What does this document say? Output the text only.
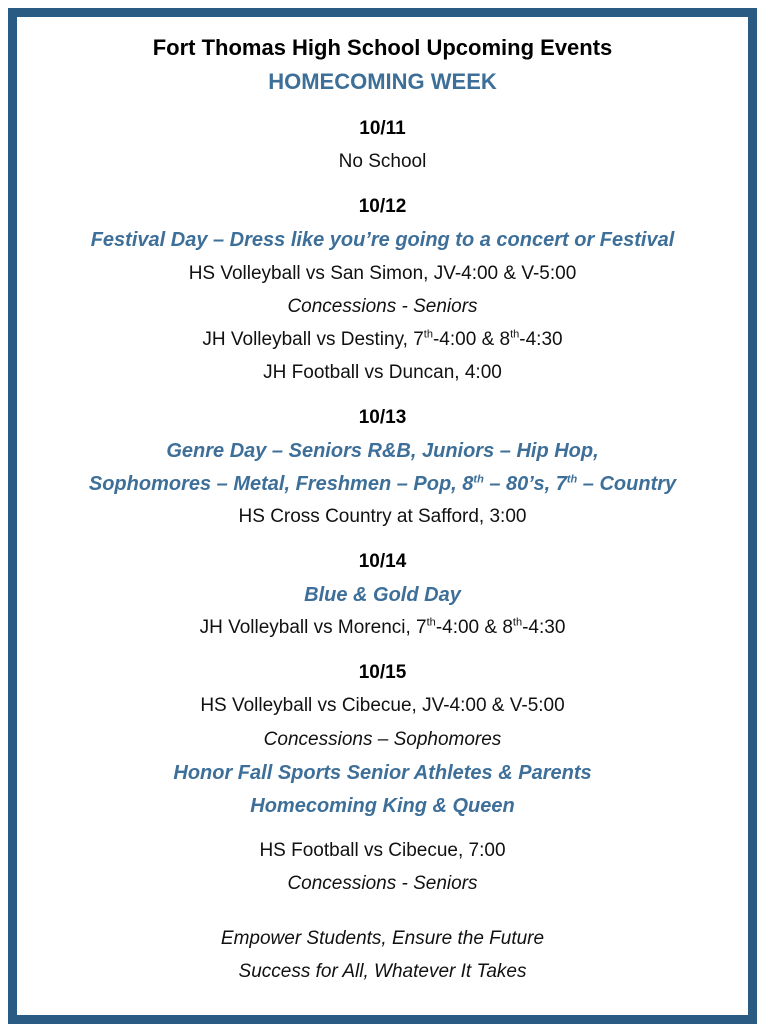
Fort Thomas High School Upcoming Events
HOMECOMING WEEK
10/11
No School
10/12
Festival Day – Dress like you’re going to a concert or Festival
HS Volleyball vs San Simon, JV-4:00 & V-5:00
Concessions - Seniors
JH Volleyball vs Destiny, 7th-4:00 & 8th-4:30
JH Football vs Duncan, 4:00
10/13
Genre Day – Seniors R&B, Juniors – Hip Hop,
Sophomores – Metal, Freshmen – Pop, 8th – 80’s, 7th – Country
HS Cross Country at Safford, 3:00
10/14
Blue & Gold Day
JH Volleyball vs Morenci, 7th-4:00 & 8th-4:30
10/15
HS Volleyball vs Cibecue, JV-4:00 & V-5:00
Concessions – Sophomores
Honor Fall Sports Senior Athletes & Parents
Homecoming King & Queen
HS Football vs Cibecue, 7:00
Concessions - Seniors
Empower Students, Ensure the Future
Success for All, Whatever It Takes
